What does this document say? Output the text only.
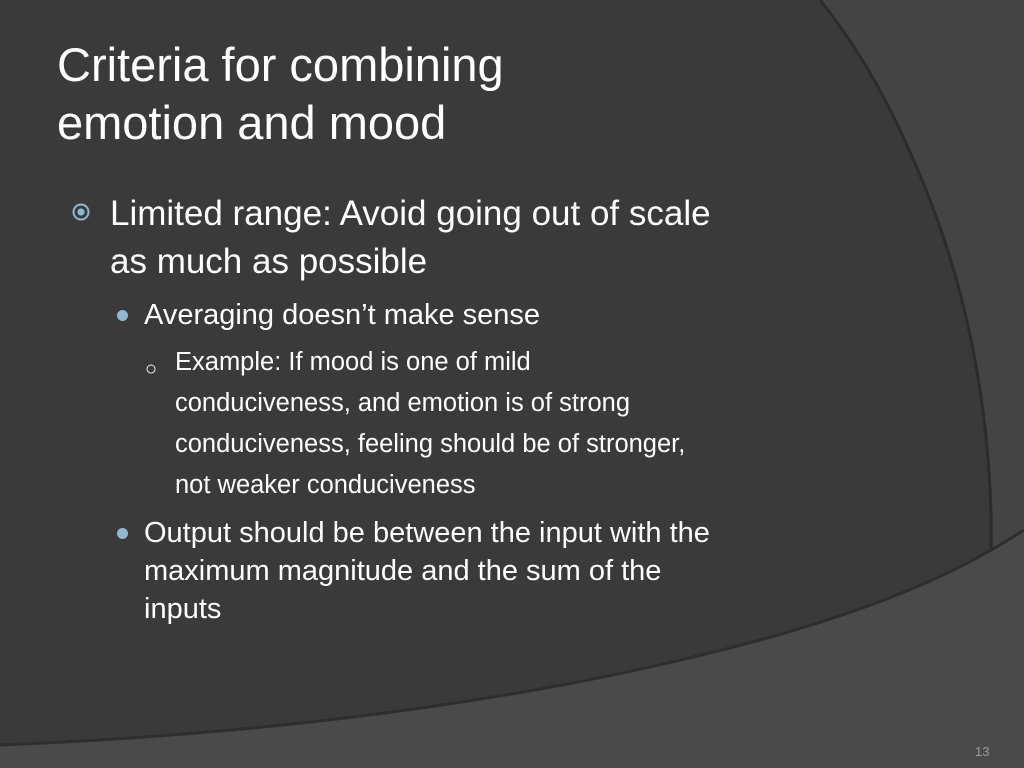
Criteria for combining
emotion and mood
Limited range: Avoid going out of scale
as much as possible
Averaging doesn’t make sense
○ Example: If mood is one of mild
conduciveness, and emotion is of strong
conduciveness, feeling should be of stronger,
not weaker conduciveness
Output should be between the input with the
maximum magnitude and the sum of the
inputs
13
